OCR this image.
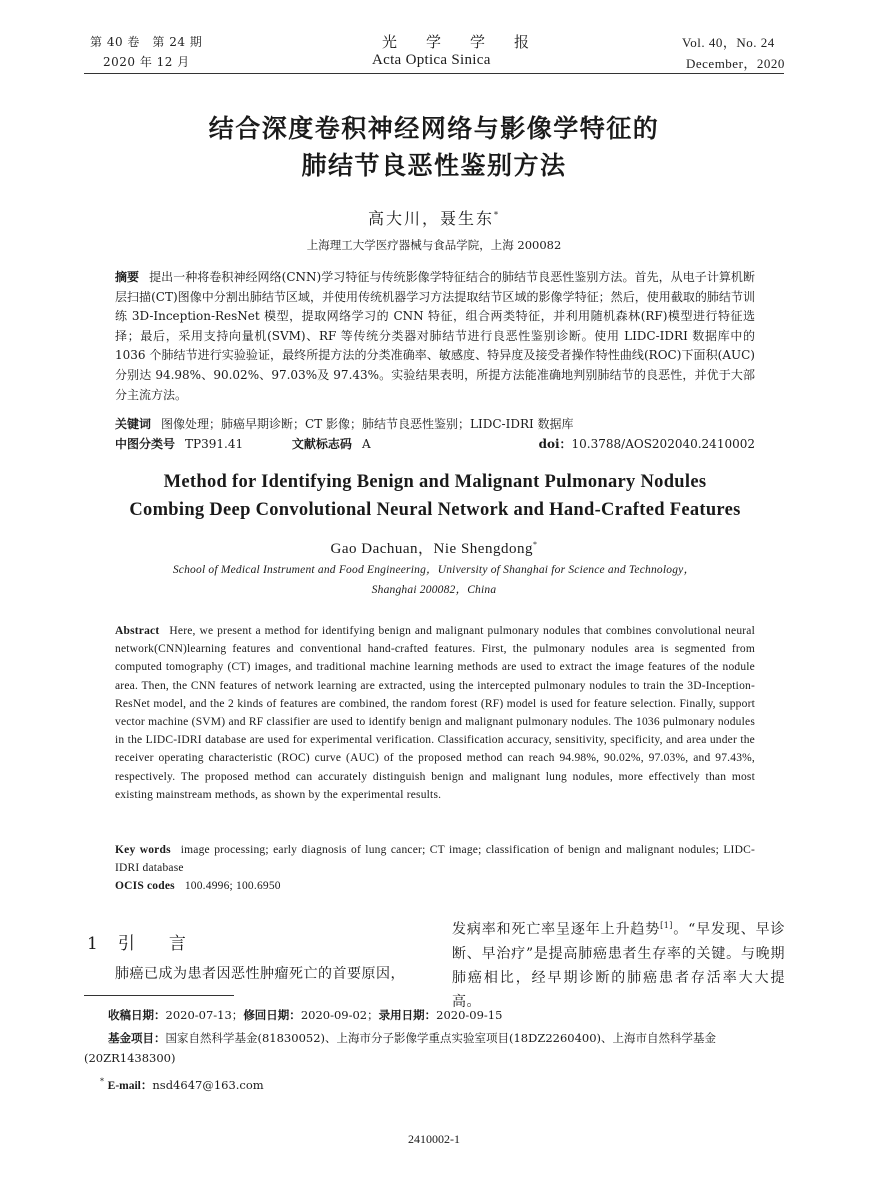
第 40 卷　第 24 期
2020 年 12 月
光　学　学　报
Acta Optica Sinica
Vol. 40，No. 24
December，2020
结合深度卷积神经网络与影像学特征的
肺结节良恶性鉴别方法
高大川，聂生东*
上海理工大学医疗器械与食品学院，上海 200082
摘要 提出一种将卷积神经网络(CNN)学习特征与传统影像学特征结合的肺结节良恶性鉴别方法。首先，从电子计算机断层扫描(CT)图像中分割出肺结节区域，并使用传统机器学习方法提取结节区域的影像学特征；然后，使用截取的肺结节训练 3D-Inception-ResNet 模型，提取网络学习的 CNN 特征，组合两类特征，并利用随机森林(RF)模型进行特征选择；最后，采用支持向量机(SVM)、RF 等传统分类器对肺结节进行良恶性鉴别诊断。使用 LIDC-IDRI 数据库中的 1036 个肺结节进行实验验证，最终所提方法的分类准确率、敏感度、特异度及接受者操作特性曲线(ROC)下面积(AUC)分别达 94.98%、90.02%、97.03%及 97.43%。实验结果表明，所提方法能准确地判别肺结节的良恶性，并优于大部分主流方法。
关键词 图像处理；肺癌早期诊断；CT 影像；肺结节良恶性鉴别；LIDC-IDRI 数据库
中图分类号 TP391.41	文献标志码 A	doi：10.3788/AOS202040.2410002
Method for Identifying Benign and Malignant Pulmonary Nodules
Combing Deep Convolutional Neural Network and Hand-Crafted Features
Gao Dachuan，Nie Shengdong*
School of Medical Instrument and Food Engineering，University of Shanghai for Science and Technology，
Shanghai 200082，China
Abstract Here, we present a method for identifying benign and malignant pulmonary nodules that combines convolutional neural network(CNN)learning features and conventional hand-crafted features. First, the pulmonary nodules area is segmented from computed tomography (CT) images, and traditional machine learning methods are used to extract the image features of the nodule area. Then, the CNN features of network learning are extracted, using the intercepted pulmonary nodules to train the 3D-Inception-ResNet model, and the 2 kinds of features are combined, the random forest (RF) model is used for feature selection. Finally, support vector machine (SVM) and RF classifier are used to identify benign and malignant pulmonary nodules. The 1036 pulmonary nodules in the LIDC-IDRI database are used for experimental verification. Classification accuracy, sensitivity, specificity, and area under the receiver operating characteristic (ROC) curve (AUC) of the proposed method can reach 94.98%, 90.02%, 97.03%, and 97.43%, respectively. The proposed method can accurately distinguish benign and malignant lung nodules, more effectively than most existing mainstream methods, as shown by the experimental results.
Key words image processing; early diagnosis of lung cancer; CT image; classification of benign and malignant nodules; LIDC-IDRI database
OCIS codes 100.4996; 100.6950
1 引　　言
肺癌已成为患者因恶性肿瘤死亡的首要原因，
发病率和死亡率呈逐年上升趋势[1]。“早发现、早诊断、早治疗”是提高肺癌患者生存率的关键。与晚期肺癌相比，经早期诊断的肺癌患者存活率大大提高。
收稿日期：2020-07-13；修回日期：2020-09-02；录用日期：2020-09-15
基金项目：国家自然科学基金(81830052)、上海市分子影像学重点实验室项目(18DZ2260400)、上海市自然科学基金(20ZR1438300)
* E-mail：nsd4647@163.com
2410002-1
